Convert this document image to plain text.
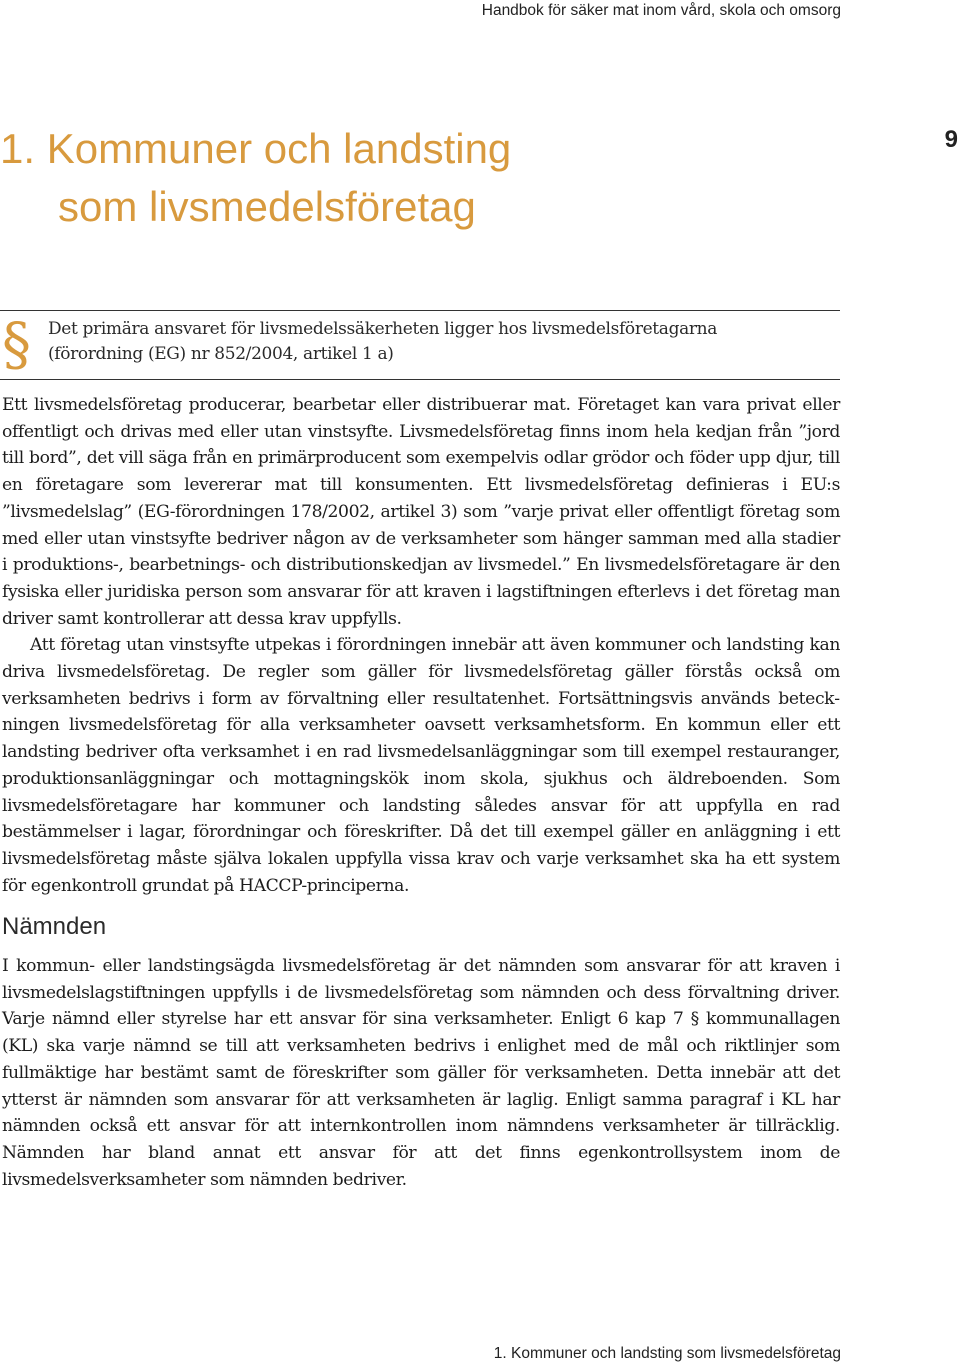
Handbok för säker mat inom vård, skola och omsorg
9
1. Kommuner och landsting
som livsmedelsföretag
§ Det primära ansvaret för livsmedelssäkerheten ligger hos livsmedelsföretagarna
(förordning (EG) nr 852/2004, artikel 1 a)

Ett livsmedelsföretag producerar, bearbetar eller distribuerar mat. Företaget kan vara privat eller offentligt och drivas med eller utan vinstsyfte. Livsmedelsföretag finns inom hela kedjan från ”jord till bord”, det vill säga från en primärproducent som exempelvis odlar grödor och föder upp djur, till en företagare som levererar mat till konsumenten. Ett livsmedelsföretag definieras i EU:s ”livsmedelslag” (EG-förordningen 178/2002, artikel 3) som ”varje privat eller offentligt företag som med eller utan vinstsyfte bedriver någon av de verksamheter som hänger samman med alla stadier i produktions-, bearbetnings- och distributionskedjan av livsmedel.” En livsmedelsföretagare är den fysiska eller juridiska person som ansvarar för att kraven i lagstiftningen efterlevs i det företag man driver samt kontrollerar att dessa krav uppfylls.

Att företag utan vinstsyfte utpekas i förordningen innebär att även kommuner och landsting kan driva livsmedelsföretag. De regler som gäller för livsmedelsföretag gäller förstås också om verksamheten bedrivs i form av förvaltning eller resultatenhet. Fortsättningsvis används beteckningen livsmedelsföretag för alla verksamheter oavsett verksamhetsform. En kommun eller ett landsting bedriver ofta verksamhet i en rad livsmedelsanläggningar som till exempel restauranger, produktionsanläggningar och mottagningskök inom skola, sjukhus och äldreboenden. Som livsmedelsföretagare har kommuner och landsting således ansvar för att uppfylla en rad bestämmelser i lagar, förordningar och föreskrifter. Då det till exempel gäller en anläggning i ett livsmedelsföretag måste själva lokalen uppfylla vissa krav och varje verksamhet ska ha ett system för egenkontroll grundat på HACCP-principerna.

Nämnden

I kommun- eller landstingsägda livsmedelsföretag är det nämnden som ansvarar för att kraven i livsmedelslagstiftningen uppfylls i de livsmedelsföretag som nämnden och dess förvaltning driver. Varje nämnd eller styrelse har ett ansvar för sina verksamheter. Enligt 6 kap 7 § kommunallagen (KL) ska varje nämnd se till att verksamheten bedrivs i enlighet med de mål och riktlinjer som fullmäktige har bestämt samt de föreskrifter som gäller för verksamheten. Detta innebär att det ytterst är nämnden som ansvarar för att verksamheten är laglig. Enligt samma paragraf i KL har nämnden också ett ansvar för att internkontrollen inom nämndens verksamheter är tillräcklig. Nämnden har bland annat ett ansvar för att det finns egenkontrollsystem inom de livsmedelsverksamheter som nämnden bedriver.

1. Kommuner och landsting som livsmedelsföretag
